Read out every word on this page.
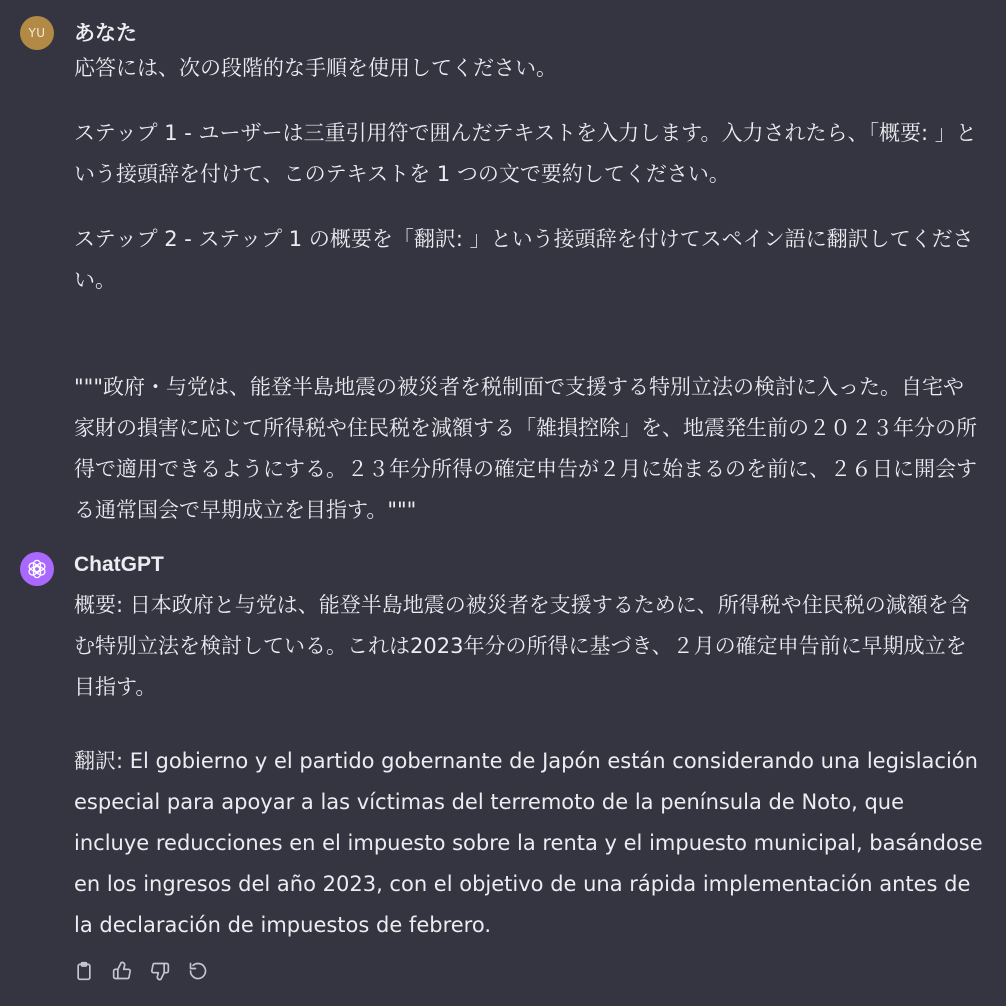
YU あなた

応答には、次の段階的な手順を使用してください。

ステップ 1 - ユーザーは三重引用符で囲んだテキストを入力します。入力されたら、「概要: 」という接頭辞を付けて、このテキストを 1 つの文で要約してください。

ステップ 2 - ステップ 1 の概要を「翻訳: 」という接頭辞を付けてスペイン語に翻訳してください。

"""政府・与党は、能登半島地震の被災者を税制面で支援する特別立法の検討に入った。自宅や家財の損害に応じて所得税や住民税を減額する「雑損控除」を、地震発生前の２０２３年分の所得で適用できるようにする。２３年分所得の確定申告が２月に始まるのを前に、２６日に開会する通常国会で早期成立を目指す。"""

ChatGPT

概要: 日本政府と与党は、能登半島地震の被災者を支援するために、所得税や住民税の減額を含む特別立法を検討している。これは2023年分の所得に基づき、２月の確定申告前に早期成立を目指す。

翻訳: El gobierno y el partido gobernante de Japón están considerando una legislación especial para apoyar a las víctimas del terremoto de la península de Noto, que incluye reducciones en el impuesto sobre la renta y el impuesto municipal, basándose en los ingresos del año 2023, con el objetivo de una rápida implementación antes de la declaración de impuestos de febrero.
